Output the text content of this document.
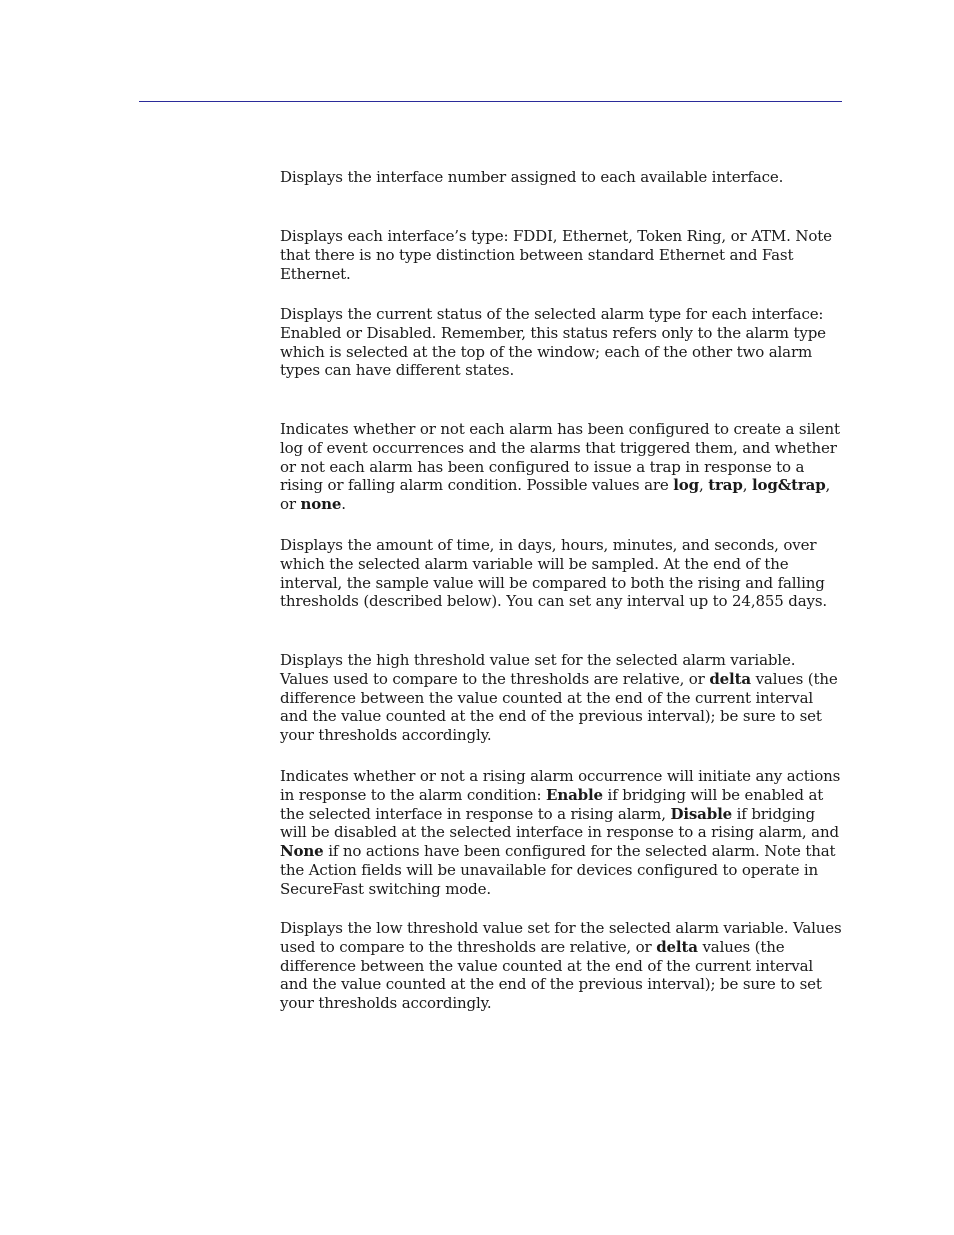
Displays the interface number assigned to each available interface.

Displays each interface’s type: FDDI, Ethernet, Token Ring, or ATM. Note that there is no type distinction between standard Ethernet and Fast Ethernet.

Displays the current status of the selected alarm type for each interface: Enabled or Disabled. Remember, this status refers only to the alarm type which is selected at the top of the window; each of the other two alarm types can have different states.

Indicates whether or not each alarm has been configured to create a silent log of event occurrences and the alarms that triggered them, and whether or not each alarm has been configured to issue a trap in response to a rising or falling alarm condition. Possible values are log, trap, log&trap, or none.

Displays the amount of time, in days, hours, minutes, and seconds, over which the selected alarm variable will be sampled. At the end of the interval, the sample value will be compared to both the rising and falling thresholds (described below). You can set any interval up to 24,855 days.

Displays the high threshold value set for the selected alarm variable. Values used to compare to the thresholds are relative, or delta values (the difference between the value counted at the end of the current interval and the value counted at the end of the previous interval); be sure to set your thresholds accordingly.

Indicates whether or not a rising alarm occurrence will initiate any actions in response to the alarm condition: Enable if bridging will be enabled at the selected interface in response to a rising alarm, Disable if bridging will be disabled at the selected interface in response to a rising alarm, and None if no actions have been configured for the selected alarm. Note that the Action fields will be unavailable for devices configured to operate in SecureFast switching mode.

Displays the low threshold value set for the selected alarm variable. Values used to compare to the thresholds are relative, or delta values (the difference between the value counted at the end of the current interval and the value counted at the end of the previous interval); be sure to set your thresholds accordingly.
